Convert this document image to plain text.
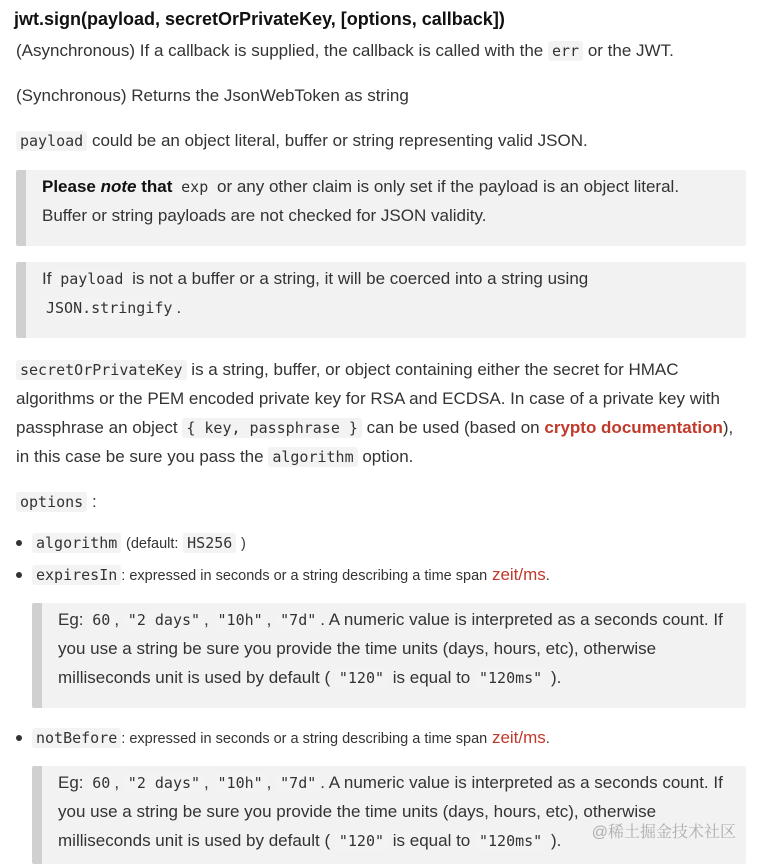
jwt.sign(payload, secretOrPrivateKey, [options, callback])
(Asynchronous) If a callback is supplied, the callback is called with the err or the JWT.
(Synchronous) Returns the JsonWebToken as string
payload could be an object literal, buffer or string representing valid JSON.
Please note that exp or any other claim is only set if the payload is an object literal.
Buffer or string payloads are not checked for JSON validity.
If payload is not a buffer or a string, it will be coerced into a string using
JSON.stringify .
secretOrPrivateKey is a string, buffer, or object containing either the secret for HMAC
algorithms or the PEM encoded private key for RSA and ECDSA. In case of a private key with
passphrase an object { key, passphrase } can be used (based on crypto documentation),
in this case be sure you pass the algorithm option.
options :
algorithm (default: HS256 )
expiresIn : expressed in seconds or a string describing a time span zeit/ms.
Eg: 60 , "2 days" , "10h" , "7d" . A numeric value is interpreted as a seconds count. If
you use a string be sure you provide the time units (days, hours, etc), otherwise
milliseconds unit is used by default ( "120" is equal to "120ms" ).
notBefore : expressed in seconds or a string describing a time span zeit/ms.
Eg: 60 , "2 days" , "10h" , "7d" . A numeric value is interpreted as a seconds count. If
you use a string be sure you provide the time units (days, hours, etc), otherwise
milliseconds unit is used by default ( "120" is equal to "120ms" ). @稀土掘金技术社区
